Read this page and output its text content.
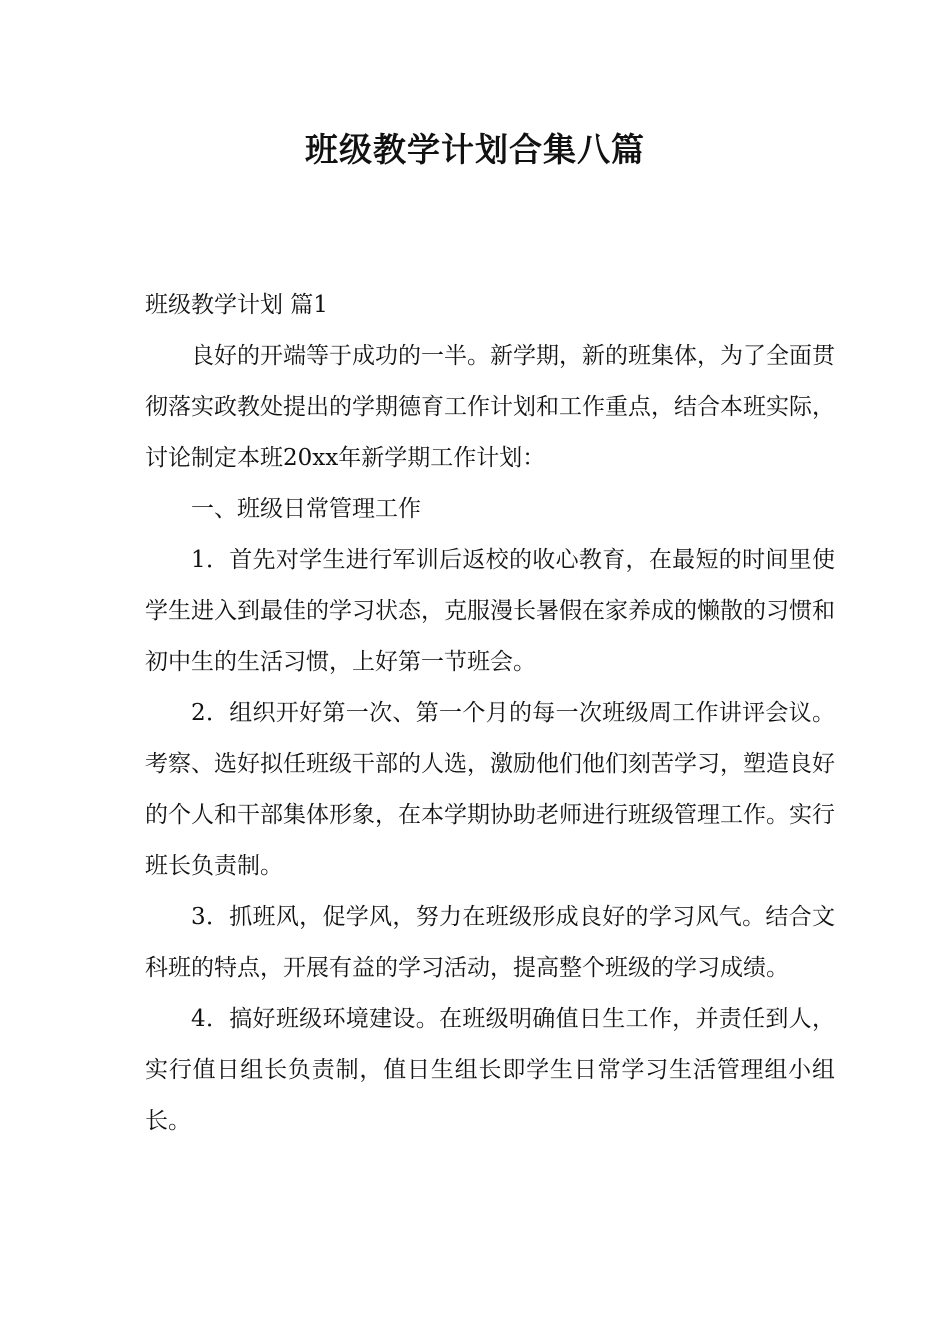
班级教学计划合集八篇

班级教学计划 篇1

良好的开端等于成功的一半。新学期，新的班集体，为了全面贯彻落实政教处提出的学期德育工作计划和工作重点，结合本班实际，讨论制定本班20xx年新学期工作计划：

一、班级日常管理工作

1．首先对学生进行军训后返校的收心教育，在最短的时间里使学生进入到最佳的学习状态，克服漫长暑假在家养成的懒散的习惯和初中生的生活习惯，上好第一节班会。

2．组织开好第一次、第一个月的每一次班级周工作讲评会议。考察、选好拟任班级干部的人选，激励他们他们刻苦学习，塑造良好的个人和干部集体形象，在本学期协助老师进行班级管理工作。实行班长负责制。

3．抓班风，促学风，努力在班级形成良好的学习风气。结合文科班的特点，开展有益的学习活动，提高整个班级的学习成绩。

4．搞好班级环境建设。在班级明确值日生工作，并责任到人，实行值日组长负责制，值日生组长即学生日常学习生活管理组小组长。
